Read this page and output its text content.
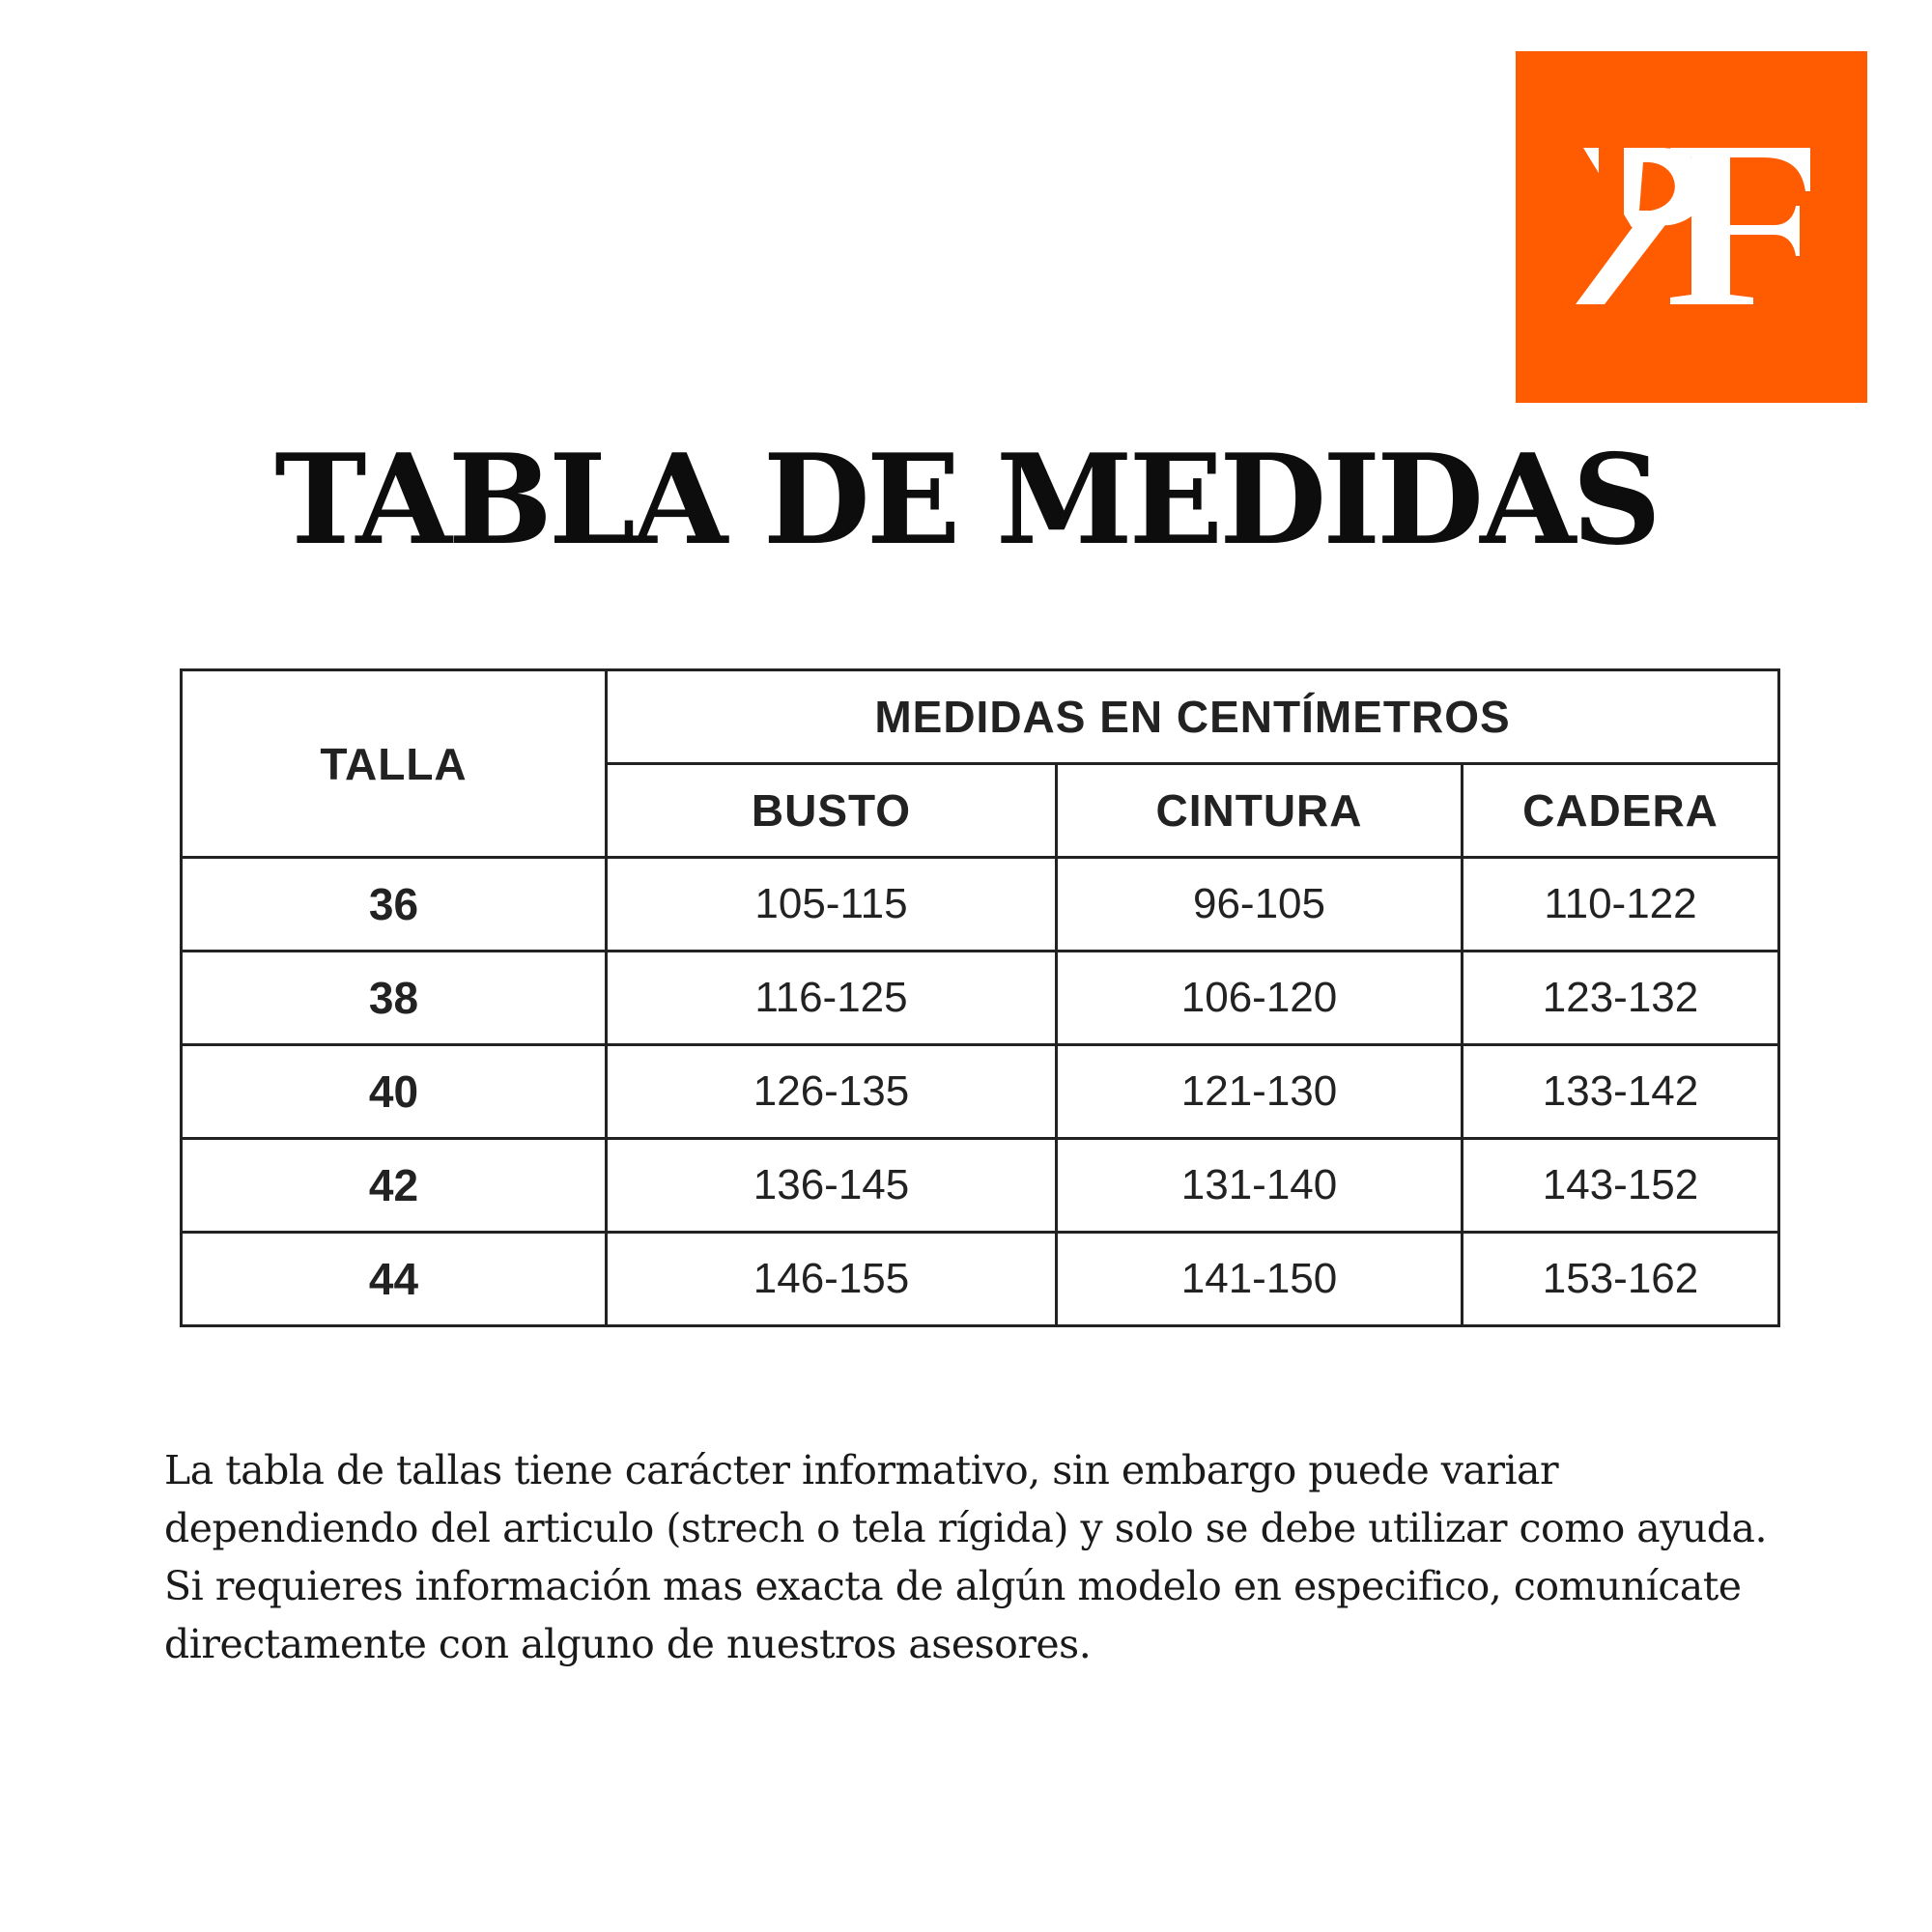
TABLA DE MEDIDAS
TALLA	MEDIDAS EN CENTÍMETROS		
	BUSTO	CINTURA	CADERA
36	105-115	96-105	110-122
38	116-125	106-120	123-132
40	126-135	121-130	133-142
42	136-145	131-140	143-152
44	146-155	141-150	153-162

La tabla de tallas tiene carácter informativo, sin embargo puede variar
dependiendo del articulo (strech o tela rígida) y solo se debe utilizar como ayuda.
Si requieres información mas exacta de algún modelo en especifico, comunícate
directamente con alguno de nuestros asesores.
